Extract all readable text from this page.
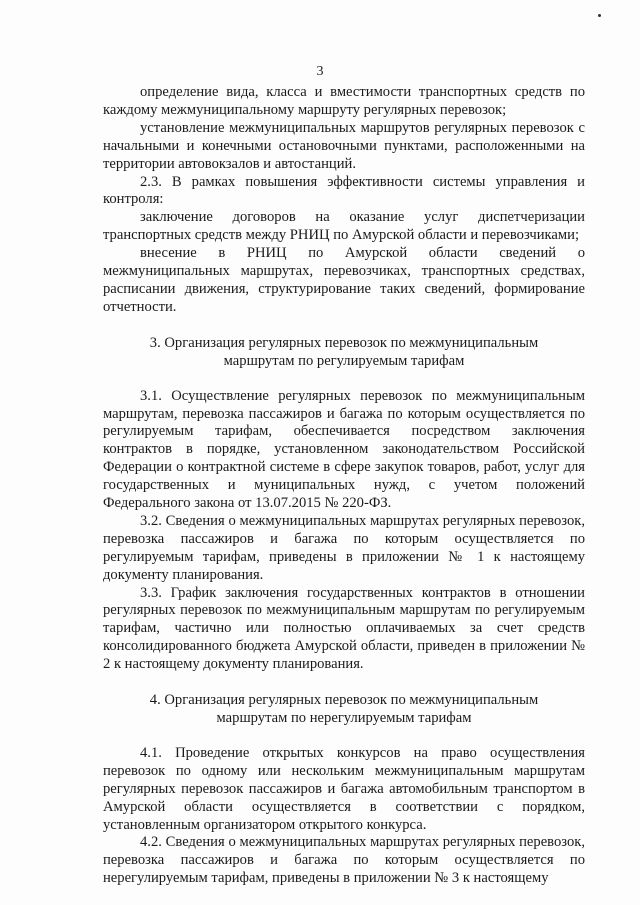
3

определение вида, класса и вместимости транспортных средств по каждому межмуниципальному маршруту регулярных перевозок;

установление межмуниципальных маршрутов регулярных перевозок с начальными и конечными остановочными пунктами, расположенными на территории автовокзалов и автостанций.

2.3. В рамках повышения эффективности системы управления и контроля:

заключение договоров на оказание услуг диспетчеризации транспортных средств между РНИЦ по Амурской области и перевозчиками;

внесение в РНИЦ по Амурской области сведений о межмуниципальных маршрутах, перевозчиках, транспортных средствах, расписании движения, структурирование таких сведений, формирование отчетности.

3. Организация регулярных перевозок по межмуниципальным

маршрутам по регулируемым тарифам

3.1. Осуществление регулярных перевозок по межмуниципальным маршрутам, перевозка пассажиров и багажа по которым осуществляется по регулируемым тарифам, обеспечивается посредством заключения контрактов в порядке, установленном законодательством Российской Федерации о контрактной системе в сфере закупок товаров, работ, услуг для государственных и муниципальных нужд, с учетом положений Федерального закона от 13.07.2015 № 220-ФЗ.

3.2. Сведения о межмуниципальных маршрутах регулярных перевозок, перевозка пассажиров и багажа по которым осуществляется по регулируемым тарифам, приведены в приложении № 1 к настоящему документу планирования.

3.3. График заключения государственных контрактов в отношении регулярных перевозок по межмуниципальным маршрутам по регулируемым тарифам, частично или полностью оплачиваемых за счет средств консолидированного бюджета Амурской области, приведен в приложении № 2 к настоящему документу планирования.

4. Организация регулярных перевозок по межмуниципальным

маршрутам по нерегулируемым тарифам

4.1. Проведение открытых конкурсов на право осуществления перевозок по одному или нескольким межмуниципальным маршрутам регулярных перевозок пассажиров и багажа автомобильным транспортом в Амурской области осуществляется в соответствии с порядком, установленным организатором открытого конкурса.

4.2. Сведения о межмуниципальных маршрутах регулярных перевозок, перевозка пассажиров и багажа по которым осуществляется по нерегулируемым тарифам, приведены в приложении № 3 к настоящему
